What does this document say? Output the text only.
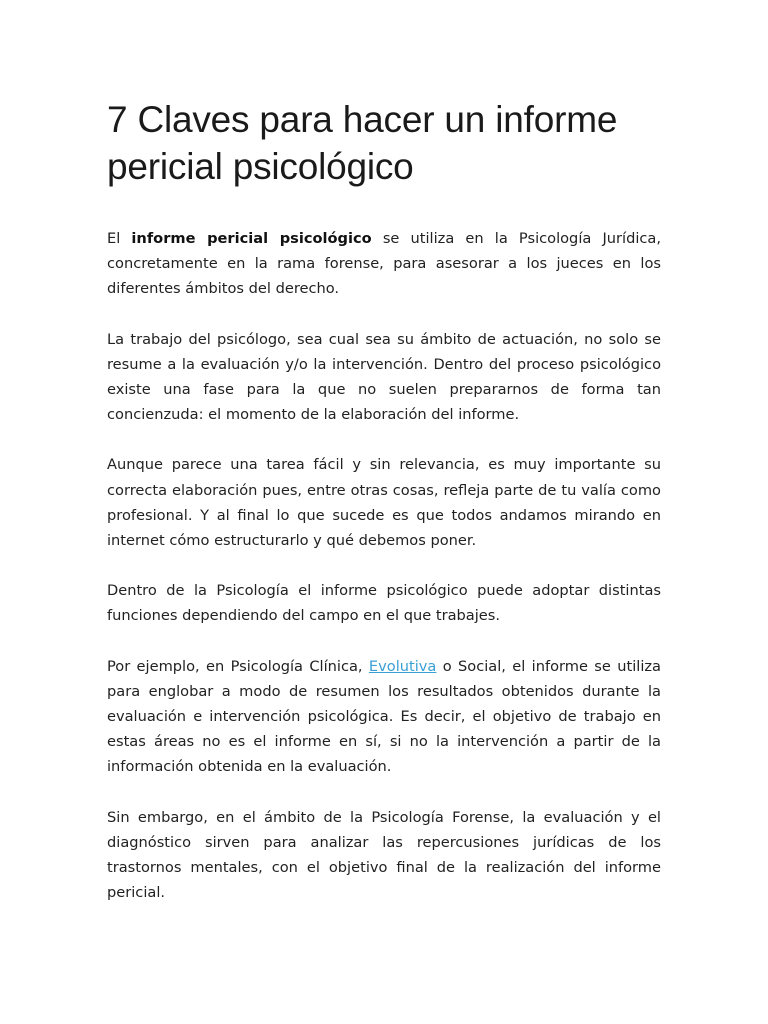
7 Claves para hacer un informe pericial psicológico

El informe pericial psicológico se utiliza en la Psicología Jurídica, concretamente en la rama forense, para asesorar a los jueces en los diferentes ámbitos del derecho.

La trabajo del psicólogo, sea cual sea su ámbito de actuación, no solo se resume a la evaluación y/o la intervención. Dentro del proceso psicológico existe una fase para la que no suelen prepararnos de forma tan concienzuda: el momento de la elaboración del informe.

Aunque parece una tarea fácil y sin relevancia, es muy importante su correcta elaboración pues, entre otras cosas, refleja parte de tu valía como profesional. Y al final lo que sucede es que todos andamos mirando en internet cómo estructurarlo y qué debemos poner.

Dentro de la Psicología el informe psicológico puede adoptar distintas funciones dependiendo del campo en el que trabajes.

Por ejemplo, en Psicología Clínica, Evolutiva o Social, el informe se utiliza para englobar a modo de resumen los resultados obtenidos durante la evaluación e intervención psicológica. Es decir, el objetivo de trabajo en estas áreas no es el informe en sí, si no la intervención a partir de la información obtenida en la evaluación.

Sin embargo, en el ámbito de la Psicología Forense, la evaluación y el diagnóstico sirven para analizar las repercusiones jurídicas de los trastornos mentales, con el objetivo final de la realización del informe pericial.
